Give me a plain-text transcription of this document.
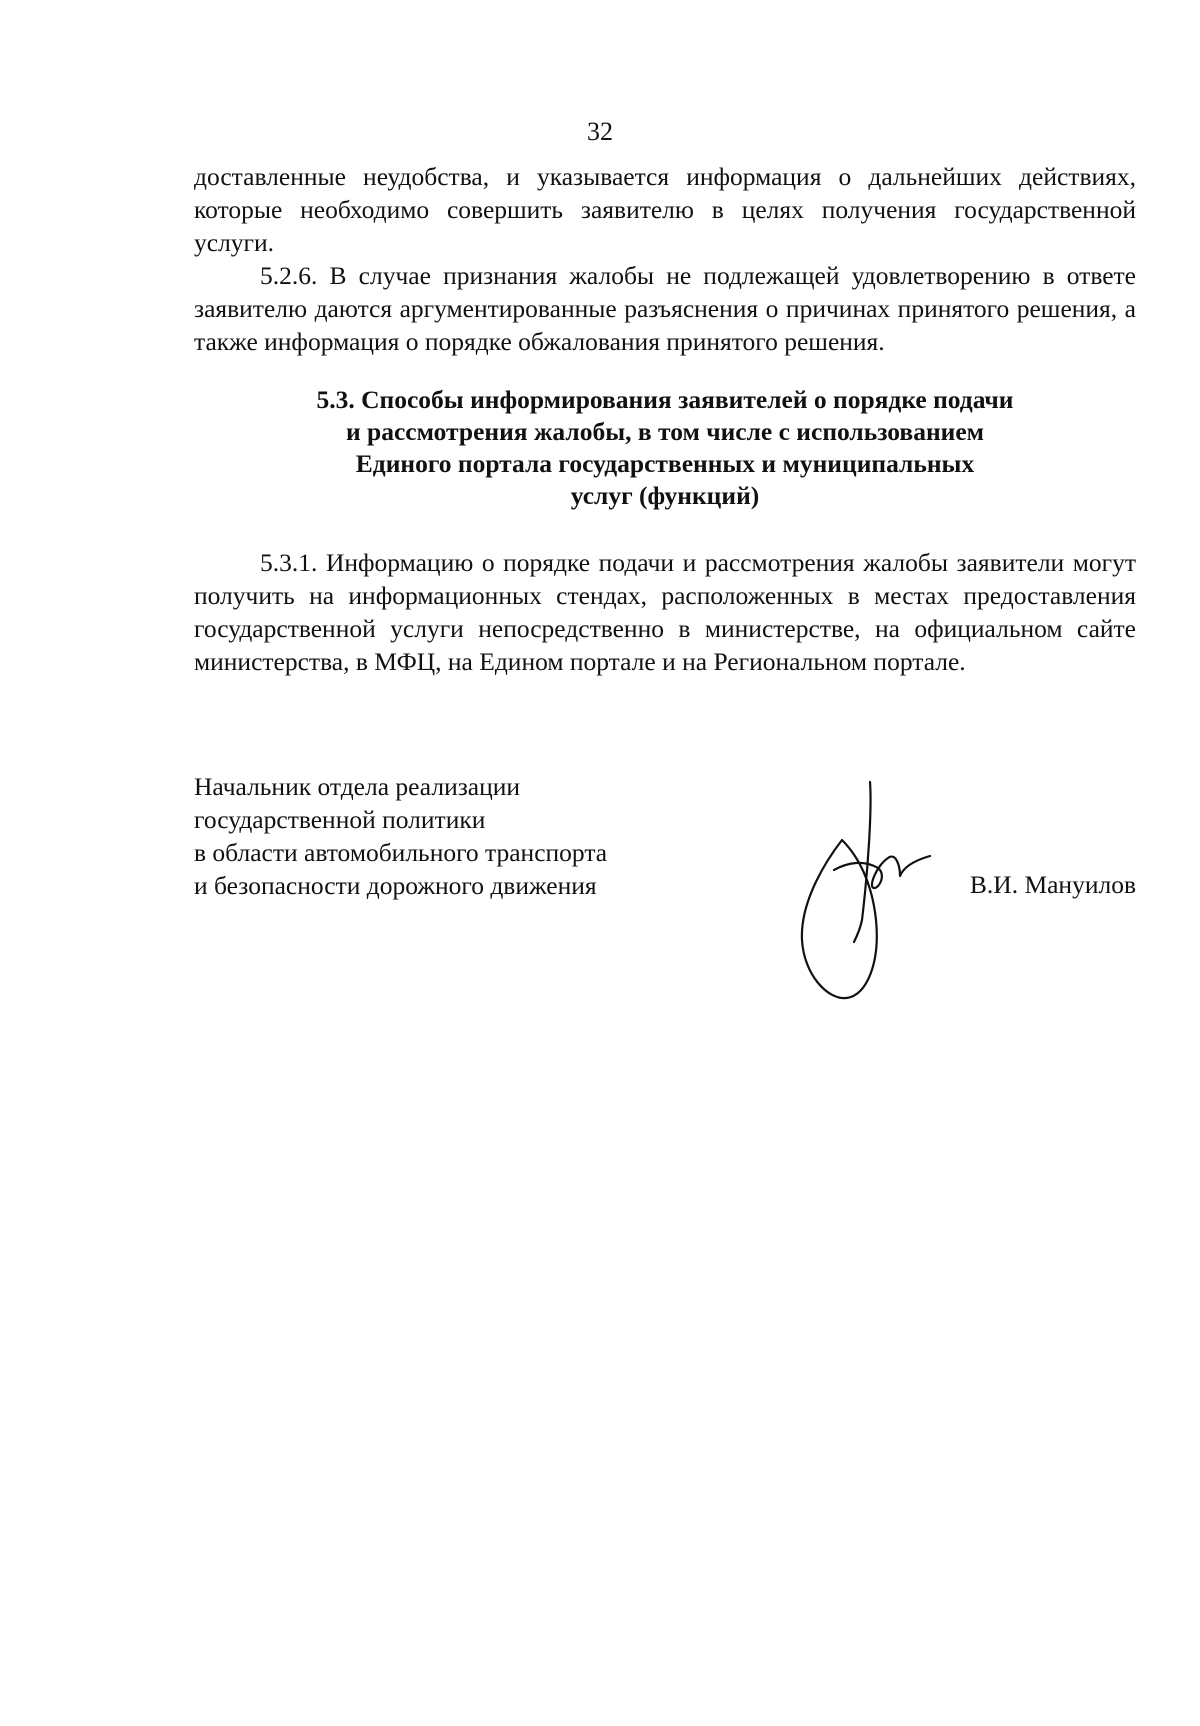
32

доставленные неудобства, и указывается информация о дальнейших действиях, которые необходимо совершить заявителю в целях получения государственной услуги.

5.2.6. В случае признания жалобы не подлежащей удовлетворению в ответе заявителю даются аргументированные разъяснения о причинах принятого решения, а также информация о порядке обжалования принятого решения.

5.3. Способы информирования заявителей о порядке подачи
и рассмотрения жалобы, в том числе с использованием
Единого портала государственных и муниципальных
услуг (функций)

5.3.1. Информацию о порядке подачи и рассмотрения жалобы заявители могут получить на информационных стендах, расположенных в местах предоставления государственной услуги непосредственно в министерстве, на официальном сайте министерства, в МФЦ, на Едином портале и на Региональном портале.

Начальник отдела реализации
государственной политики
в области автомобильного транспорта
и безопасности дорожного движения	В.И. Мануилов
